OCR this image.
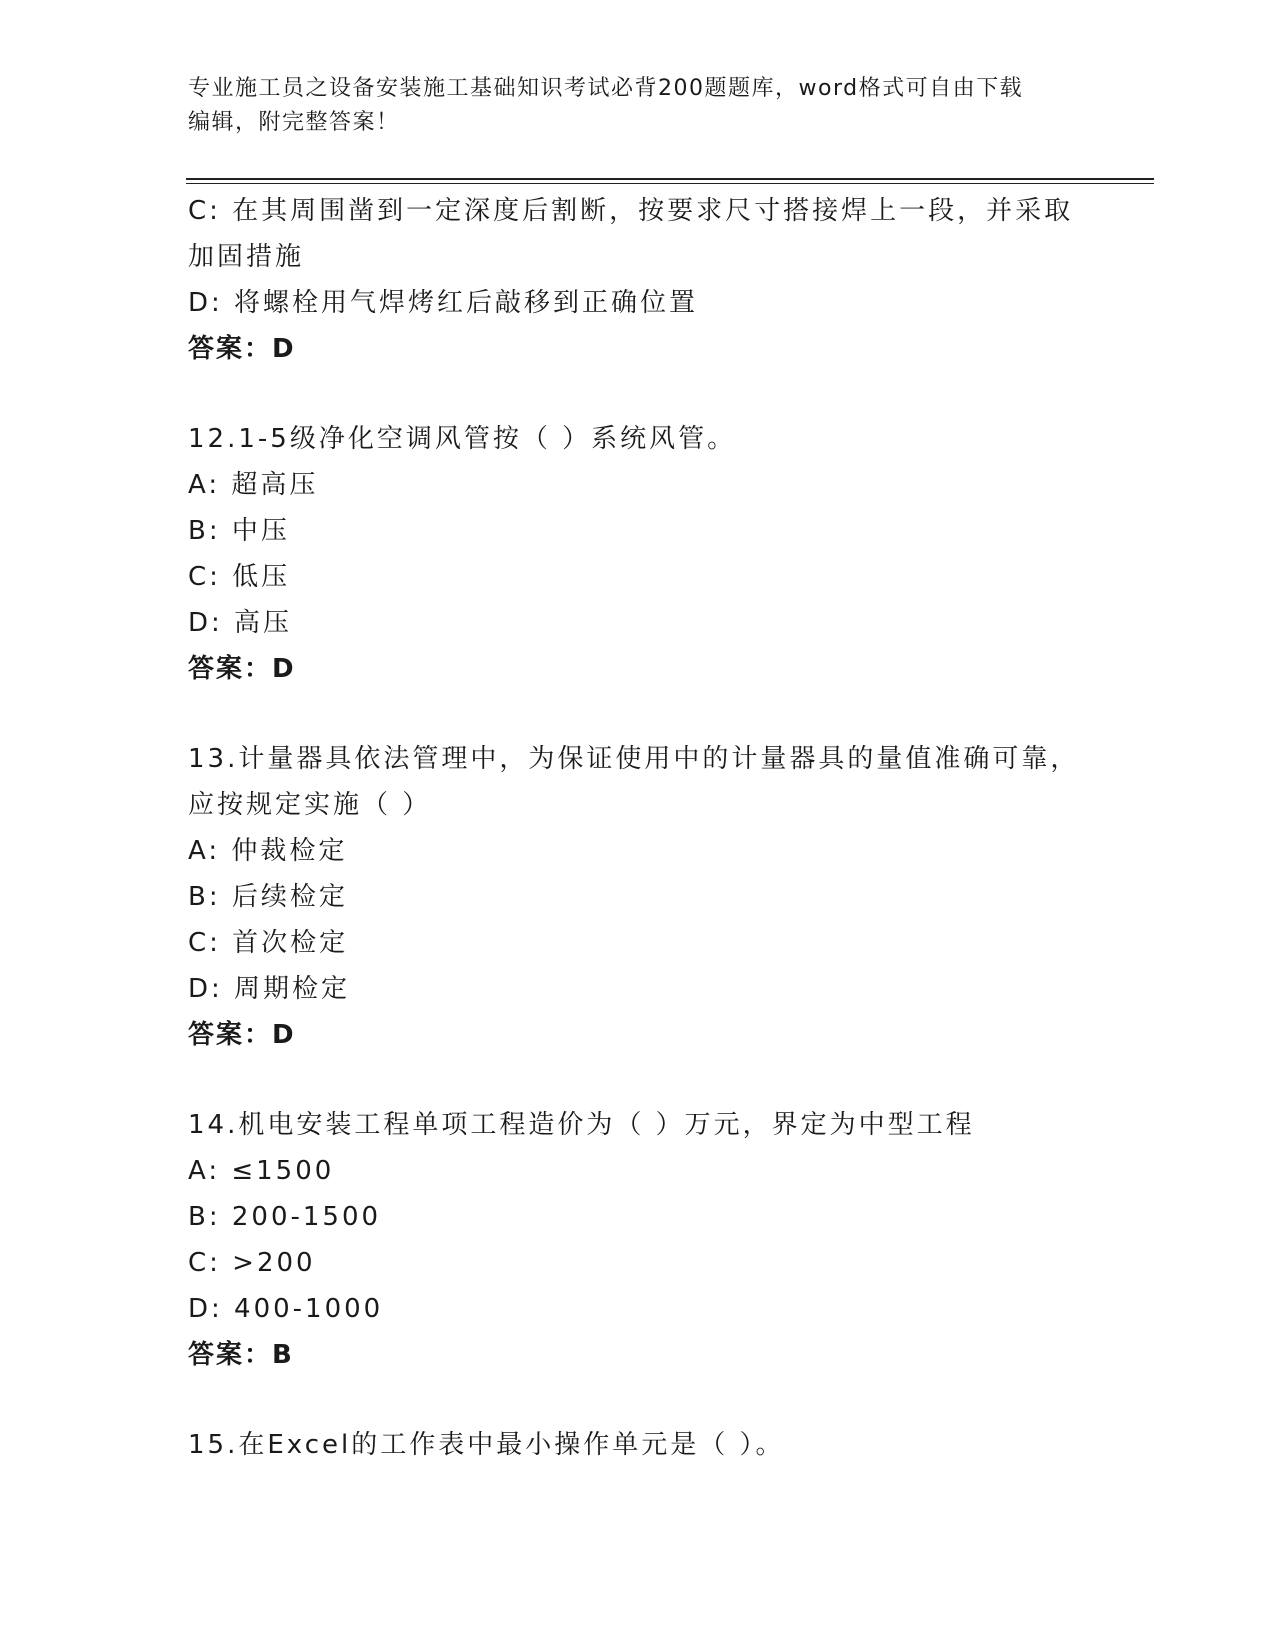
专业施工员之设备安装施工基础知识考试必背200题题库，word格式可自由下载
编辑，附完整答案！
C: 在其周围凿到一定深度后割断，按要求尺寸搭接焊上一段，并采取
加固措施
D: 将螺栓用气焊烤红后敲移到正确位置
答案：D
12.1-5级净化空调风管按（ ）系统风管。
A: 超高压
B: 中压
C: 低压
D: 高压
答案：D
13.计量器具依法管理中，为保证使用中的计量器具的量值准确可靠，
应按规定实施（ ）
A: 仲裁检定
B: 后续检定
C: 首次检定
D: 周期检定
答案：D
14.机电安装工程单项工程造价为（ ）万元，界定为中型工程
A: ≤1500
B: 200-1500
C: >200
D: 400-1000
答案：B
15.在Excel的工作表中最小操作单元是（ ）。
